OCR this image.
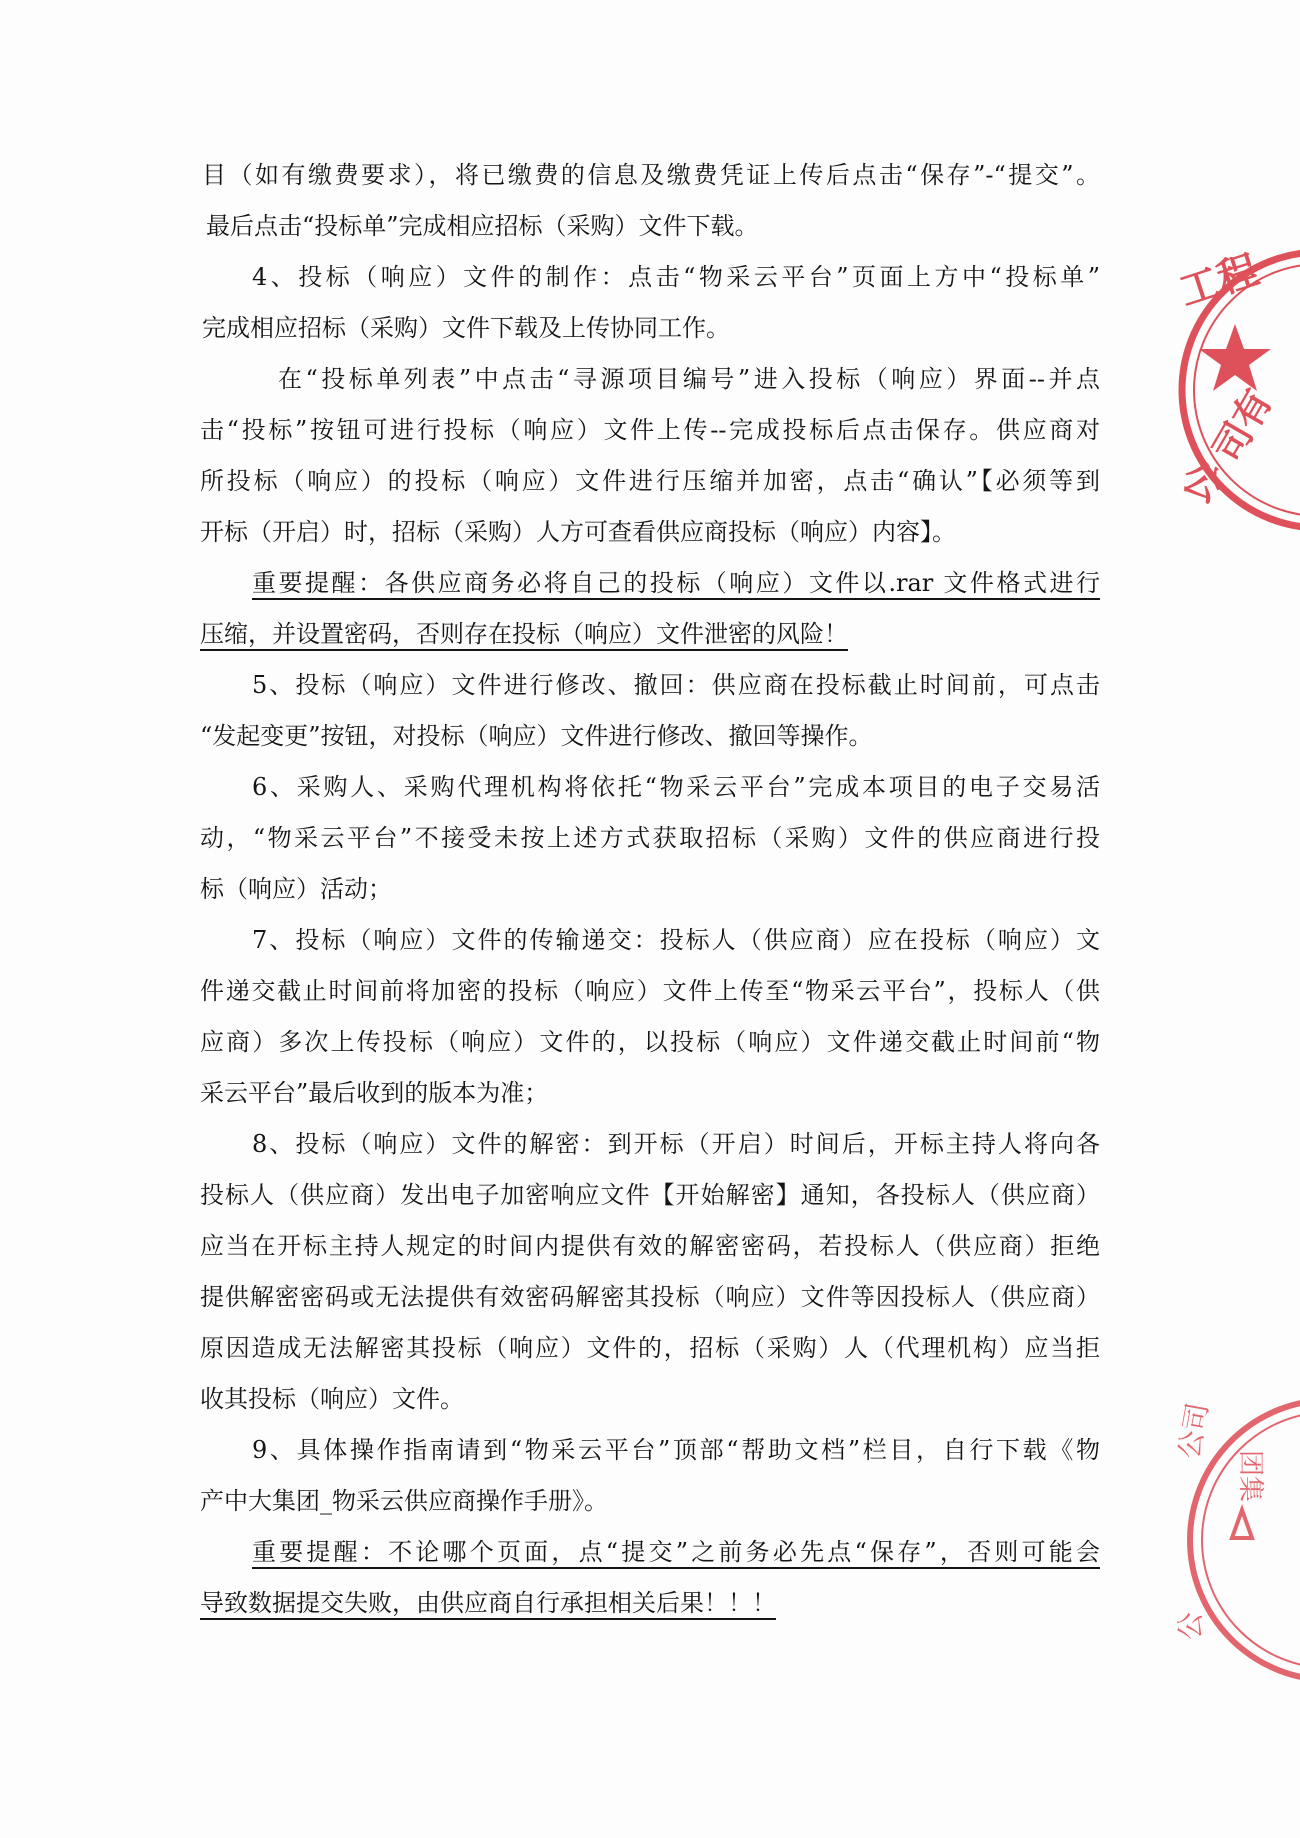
目（如有缴费要求），将已缴费的信息及缴费凭证上传后点击“保存”-“提交”。
最后点击“投标单”完成相应招标（采购）文件下载。
4、投标（响应）文件的制作：点击“物采云平台”页面上方中“投标单”
完成相应招标（采购）文件下载及上传协同工作。
在“投标单列表”中点击“寻源项目编号”进入投标（响应）界面--并点
击“投标”按钮可进行投标（响应）文件上传--完成投标后点击保存。供应商对
所投标（响应）的投标（响应）文件进行压缩并加密，点击“确认”【必须等到
开标（开启）时，招标（采购）人方可查看供应商投标（响应）内容】。
重要提醒：各供应商务必将自己的投标（响应）文件以.rar 文件格式进行
压缩，并设置密码，否则存在投标（响应）文件泄密的风险！
5、投标（响应）文件进行修改、撤回：供应商在投标截止时间前，可点击
“发起变更”按钮，对投标（响应）文件进行修改、撤回等操作。
6、采购人、采购代理机构将依托“物采云平台”完成本项目的电子交易活
动，“物采云平台”不接受未按上述方式获取招标（采购）文件的供应商进行投
标（响应）活动；
7、投标（响应）文件的传输递交：投标人（供应商）应在投标（响应）文
件递交截止时间前将加密的投标（响应）文件上传至“物采云平台”，投标人（供
应商）多次上传投标（响应）文件的，以投标（响应）文件递交截止时间前“物
采云平台”最后收到的版本为准；
8、投标（响应）文件的解密：到开标（开启）时间后，开标主持人将向各
投标人（供应商）发出电子加密响应文件【开始解密】通知，各投标人（供应商）
应当在开标主持人规定的时间内提供有效的解密密码，若投标人（供应商）拒绝
提供解密密码或无法提供有效密码解密其投标（响应）文件等因投标人（供应商）
原因造成无法解密其投标（响应）文件的，招标（采购）人（代理机构）应当拒
收其投标（响应）文件。
9、具体操作指南请到“物采云平台”顶部“帮助文档”栏目，自行下载《物
产中大集团_物采云供应商操作手册》。
重要提醒：不论哪个页面，点“提交”之前务必先点“保存”，否则可能会
导致数据提交失败，由供应商自行承担相关后果！！！
工程
公
司有
公司
团集
公
